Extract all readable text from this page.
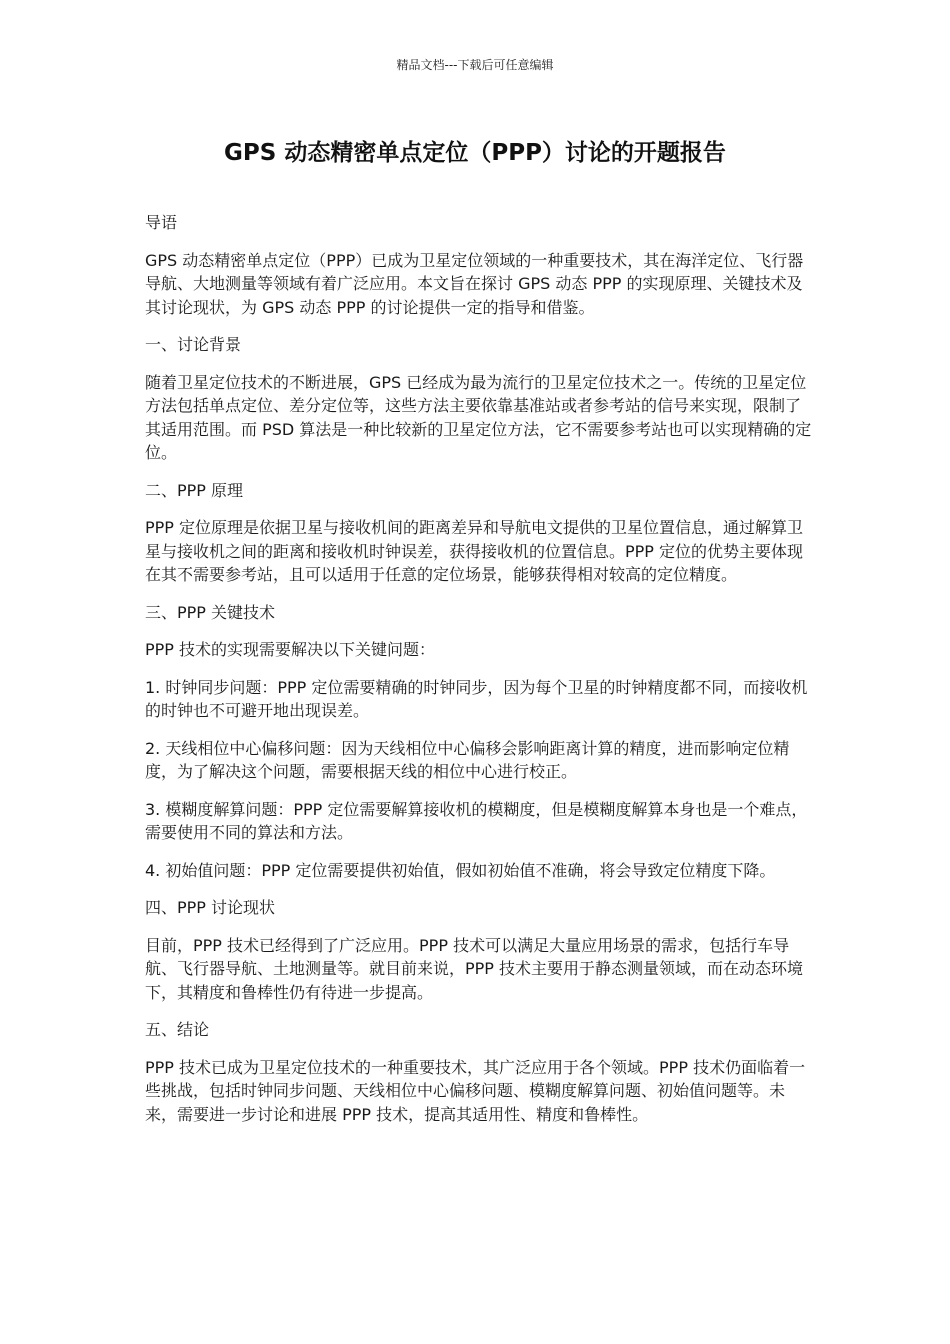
精品文档---下载后可任意编辑
GPS 动态精密单点定位（PPP）讨论的开题报告

导语

GPS 动态精密单点定位（PPP）已成为卫星定位领域的一种重要技术，其在海洋定位、飞行器导航、大地测量等领域有着广泛应用。本文旨在探讨 GPS 动态 PPP 的实现原理、关键技术及其讨论现状，为 GPS 动态 PPP 的讨论提供一定的指导和借鉴。

一、讨论背景

随着卫星定位技术的不断进展，GPS 已经成为最为流行的卫星定位技术之一。传统的卫星定位方法包括单点定位、差分定位等，这些方法主要依靠基准站或者参考站的信号来实现，限制了其适用范围。而 PSD 算法是一种比较新的卫星定位方法，它不需要参考站也可以实现精确的定位。

二、PPP 原理

PPP 定位原理是依据卫星与接收机间的距离差异和导航电文提供的卫星位置信息，通过解算卫星与接收机之间的距离和接收机时钟误差，获得接收机的位置信息。PPP 定位的优势主要体现在其不需要参考站，且可以适用于任意的定位场景，能够获得相对较高的定位精度。

三、PPP 关键技术

PPP 技术的实现需要解决以下关键问题：

1. 时钟同步问题：PPP 定位需要精确的时钟同步，因为每个卫星的时钟精度都不同，而接收机的时钟也不可避开地出现误差。

2. 天线相位中心偏移问题：因为天线相位中心偏移会影响距离计算的精度，进而影响定位精度，为了解决这个问题，需要根据天线的相位中心进行校正。

3. 模糊度解算问题：PPP 定位需要解算接收机的模糊度，但是模糊度解算本身也是一个难点，需要使用不同的算法和方法。

4. 初始值问题：PPP 定位需要提供初始值，假如初始值不准确，将会导致定位精度下降。

四、PPP 讨论现状

目前，PPP 技术已经得到了广泛应用。PPP 技术可以满足大量应用场景的需求，包括行车导航、飞行器导航、土地测量等。就目前来说，PPP 技术主要用于静态测量领域，而在动态环境下，其精度和鲁棒性仍有待进一步提高。

五、结论

PPP 技术已成为卫星定位技术的一种重要技术，其广泛应用于各个领域。PPP 技术仍面临着一些挑战，包括时钟同步问题、天线相位中心偏移问题、模糊度解算问题、初始值问题等。未来，需要进一步讨论和进展 PPP 技术，提高其适用性、精度和鲁棒性。
